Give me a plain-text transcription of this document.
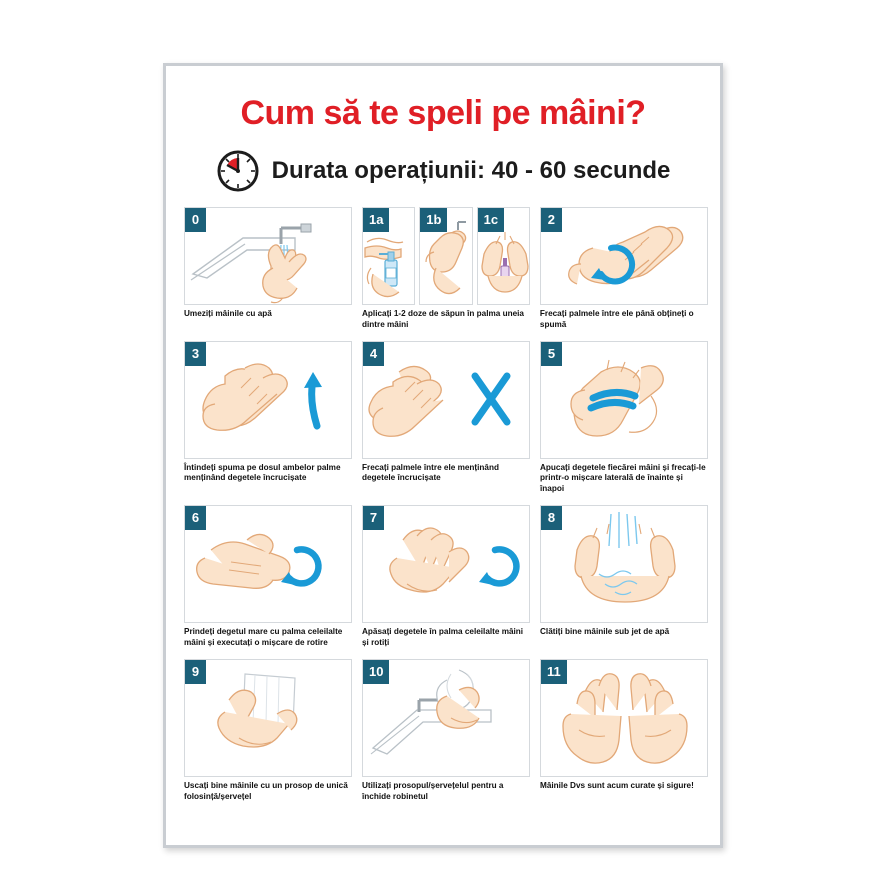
Cum să te speli pe mâini?
Durata operațiunii: 40 - 60 secunde
0
Umeziți mâinile cu apă
1a	1b	1c
Aplicați 1-2 doze de săpun în palma uneia dintre mâini
2
Frecați palmele între ele până obțineți o spumă
3
Întindeți spuma pe dosul ambelor palme menținând degetele încrucișate
4
Frecați palmele între ele menținând degetele încrucișate
5
Apucați degetele fiecărei mâini și frecați-le printr-o mișcare laterală de înainte și înapoi
6
Prindeți degetul mare cu palma celeilalte mâini și executați o mișcare de rotire
7
Apăsați degetele în palma celeilalte mâini și rotiți
8
Clătiți bine mâinile sub jet de apă
9
Uscați bine mâinile cu un prosop de unică folosință/șervețel
10
Utilizați prosopul/șervețelul pentru a închide robinetul
11
Mâinile Dvs sunt acum curate și sigure!
